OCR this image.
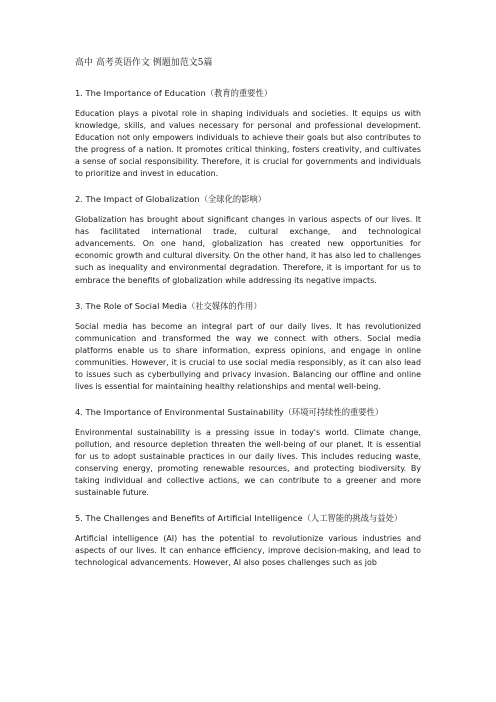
高中 高考英语作文 例题加范文5篇
1. The Importance of Education（教育的重要性）

Education plays a pivotal role in shaping individuals and societies. It equips us with knowledge, skills, and values necessary for personal and professional development. Education not only empowers individuals to achieve their goals but also contributes to the progress of a nation. It promotes critical thinking, fosters creativity, and cultivates a sense of social responsibility. Therefore, it is crucial for governments and individuals to prioritize and invest in education.

2. The Impact of Globalization（全球化的影响）

Globalization has brought about significant changes in various aspects of our lives. It has facilitated international trade, cultural exchange, and technological advancements. On one hand, globalization has created new opportunities for economic growth and cultural diversity. On the other hand, it has also led to challenges such as inequality and environmental degradation. Therefore, it is important for us to embrace the benefits of globalization while addressing its negative impacts.

3. The Role of Social Media（社交媒体的作用）

Social media has become an integral part of our daily lives. It has revolutionized communication and transformed the way we connect with others. Social media platforms enable us to share information, express opinions, and engage in online communities. However, it is crucial to use social media responsibly, as it can also lead to issues such as cyberbullying and privacy invasion. Balancing our offline and online lives is essential for maintaining healthy relationships and mental well-being.

4. The Importance of Environmental Sustainability（环境可持续性的重要性）

Environmental sustainability is a pressing issue in today's world. Climate change, pollution, and resource depletion threaten the well-being of our planet. It is essential for us to adopt sustainable practices in our daily lives. This includes reducing waste, conserving energy, promoting renewable resources, and protecting biodiversity. By taking individual and collective actions, we can contribute to a greener and more sustainable future.

5. The Challenges and Benefits of Artificial Intelligence（人工智能的挑战与益处）

Artificial intelligence (AI) has the potential to revolutionize various industries and aspects of our lives. It can enhance efficiency, improve decision-making, and lead to technological advancements. However, AI also poses challenges such as job
